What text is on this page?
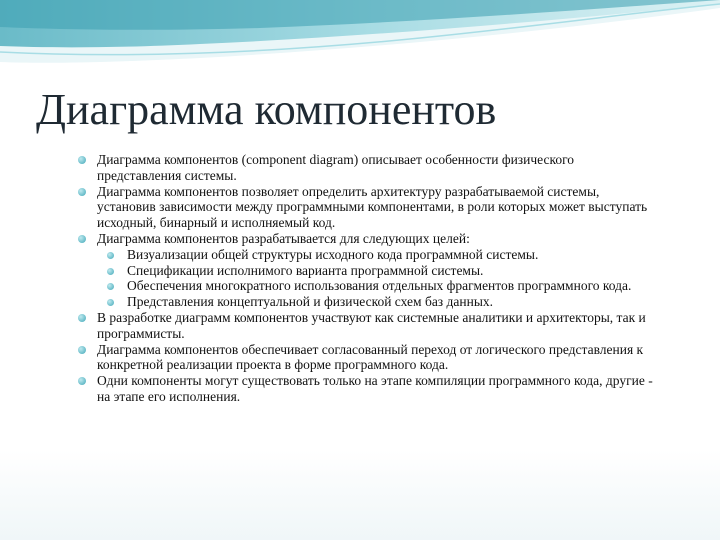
Диаграмма компонентов
Диаграмма компонентов (component diagram) описывает особенности физического представления системы.
Диаграмма компонентов позволяет определить архитектуру разрабатываемой системы, установив зависимости между программными компонентами, в роли которых может выступать исходный, бинарный и исполняемый код.
Диаграмма компонентов разрабатывается для следующих целей:
Визуализации общей структуры исходного кода программной системы.
Спецификации исполнимого варианта программной системы.
Обеспечения многократного использования отдельных фрагментов программного кода.
Представления концептуальной и физической схем баз данных.
В разработке диаграмм компонентов участвуют как системные аналитики и архитекторы, так и программисты.
Диаграмма компонентов обеспечивает согласованный переход от логического представления к конкретной реализации проекта в форме программного кода.
Одни компоненты могут существовать только на этапе компиляции программного кода, другие - на этапе его исполнения.
